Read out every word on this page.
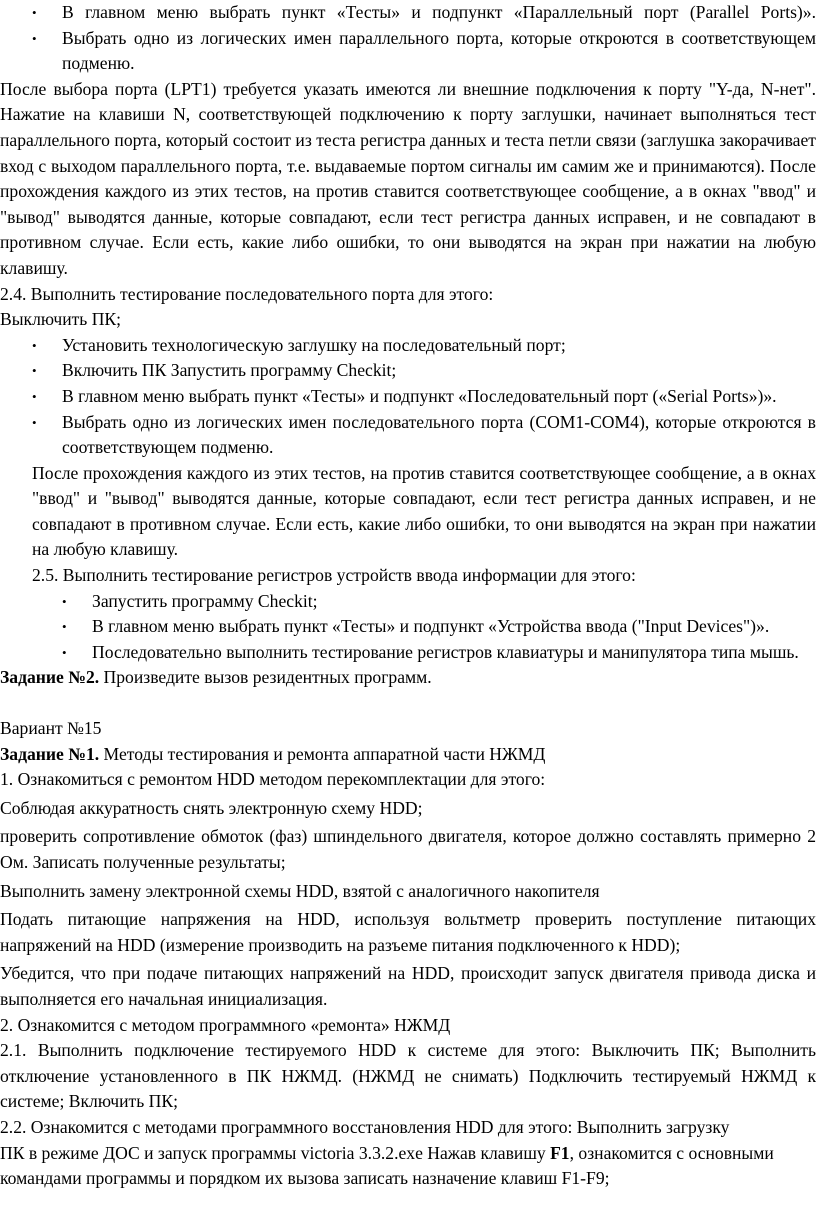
• В главном меню выбрать пункт «Тесты» и подпункт «Параллельный порт (Parallel Ports)».
• Выбрать одно из логических имен параллельного порта, которые откроются в соответствующем подменю.

После выбора порта (LPT1) требуется указать имеются ли внешние подключения к порту "Y-да, N-нет". Нажатие на клавиши N, соответствующей подключению к порту заглушки, начинает выполняться тест параллельного порта, который состоит из теста регистра данных и теста петли связи (заглушка закорачивает вход с выходом параллельного порта, т.е. выдаваемые портом сигналы им самим же и принимаются). После прохождения каждого из этих тестов, на против ставится соответствующее сообщение, а в окнах "ввод" и "вывод" выводятся данные, которые совпадают, если тест регистра данных исправен, и не совпадают в противном случае. Если есть, какие либо ошибки, то они выводятся на экран при нажатии на любую клавишу.

2.4. Выполнить тестирование последовательного порта для этого:

Выключить ПК;

• Установить технологическую заглушку на последовательный порт;
• Включить ПК Запустить программу Checkit;
• В главном меню выбрать пункт «Тесты» и подпункт «Последовательный порт («Serial Ports»)».
• Выбрать одно из логических имен последовательного порта (COM1-COM4), которые откроются в соответствующем подменю.

После прохождения каждого из этих тестов, на против ставится соответствующее сообщение, а в окнах "ввод" и "вывод" выводятся данные, которые совпадают, если тест регистра данных исправен, и не совпадают в противном случае. Если есть, какие либо ошибки, то они выводятся на экран при нажатии на любую клавишу.

2.5. Выполнить тестирование регистров устройств ввода информации для этого:

• Запустить программу Checkit;
• В главном меню выбрать пункт «Тесты» и подпункт «Устройства ввода ("Input Devices")».
• Последовательно выполнить тестирование регистров клавиатуры и манипулятора типа мышь.

Задание №2. Произведите вызов резидентных программ.

Вариант №15

Задание №1. Методы тестирования и ремонта аппаратной части НЖМД

1. Ознакомиться с ремонтом HDD методом перекомплектации для этого:

Соблюдая аккуратность снять электронную схему HDD;

проверить сопротивление обмоток (фаз) шпиндельного двигателя, которое должно составлять примерно 2 Ом. Записать полученные результаты;

Выполнить замену электронной схемы HDD, взятой с аналогичного накопителя

Подать питающие напряжения на HDD, используя вольтметр проверить поступление питающих напряжений на HDD (измерение производить на разъеме питания подключенного к HDD);

Убедится, что при подаче питающих напряжений на HDD, происходит запуск двигателя привода диска и выполняется его начальная инициализация.

2. Ознакомится с методом программного «ремонта» НЖМД

2.1. Выполнить подключение тестируемого HDD к системе для этого: Выключить ПК; Выполнить отключение установленного в ПК НЖМД. (НЖМД не снимать) Подключить тестируемый НЖМД к системе; Включить ПК;

2.2. Ознакомится с методами программного восстановления HDD для этого: Выполнить загрузку

ПК в режиме ДОС и запуск программы victoria 3.3.2.exe Нажав клавишу F1, ознакомится с основными командами программы и порядком их вызова записать назначение клавиш F1-F9;
